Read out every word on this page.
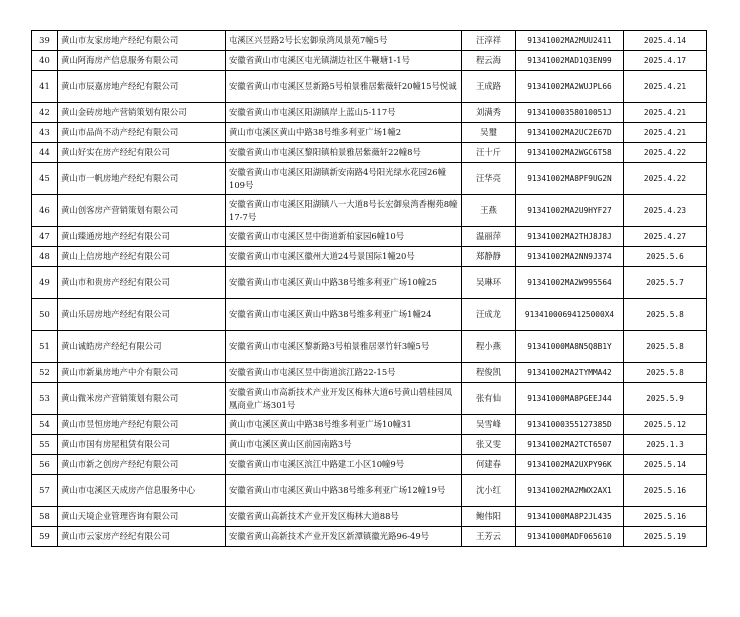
39	黄山市友家房地产经纪有限公司	屯溪区兴昱路2号长宏御泉湾凤景苑7幢5号	汪淳祥	91341002MA2MUU2411	2025.4.14
40	黄山阿海房产信息服务有限公司	安徽省黄山市屯溪区屯光镇湖边社区牛鞭塘1-1号	程云海	91341002MAD1Q3EN99	2025.4.17
41	黄山市辰嘉房地产经纪有限公司	安徽省黄山市屯溪区昱新路5号柏景雅居紫薇轩20幢15号悦诚	王成路	91341002MA2WUJPL66	2025.4.21
42	黄山金砖房地产营销策划有限公司	安徽省黄山市屯溪区阳湖镇岸上蓝山5-117号	刘满秀	91341000358010051J	2025.4.21
43	黄山市品尚不动产经纪有限公司	黄山市屯溪区黄山中路38号维多利亚广场1幢2	吴璽	91341002MA2UC2E67D	2025.4.21
44	黄山好实在房产经纪有限公司	安徽省黄山市屯溪区黎阳镇柏景雅居紫薇轩22幢8号	汪十斤	91341002MA2WGC6T58	2025.4.22
45	黄山市一帆房地产经纪有限公司	安徽省黄山市屯溪区阳湖镇新安南路4号阳光绿水花园26幢109号	汪华亮	91341002MA8PF9UG2N	2025.4.22
46	黄山创客房产营销策划有限公司	安徽省黄山市屯溪区阳湖镇八一大道8号长宏御泉湾香榭苑8幢17-7号	王燕	91341002MA2U9HYF27	2025.4.23
47	黄山臻通房地产经纪有限公司	安徽省黄山市屯溪区昱中街道新柏家园6幢10号	温丽萍	91341002MA2THJ8J8J	2025.4.27
48	黄山上信房地产经纪有限公司	安徽省黄山市屯溪区徽州大道24号景国际1幢20号	郑静静	91341002MA2NN9J374	2025.5.6
49	黄山市和贵房产经纪有限公司	安徽省黄山市屯溪区黄山中路38号维多利亚广场10幢25	吴琳环	91341002MA2W995564	2025.5.7
50	黄山乐居房地产经纪有限公司	安徽省黄山市屯溪区黄山中路38号维多利亚广场1幢24	汪成龙	91341000694125000X4	2025.5.8
51	黄山诚皓房产经纪有限公司	安徽省黄山市屯溪区黎新路3号柏景雅居翠竹轩3幢5号	程小燕	91341000MA8N5Q8B1Y	2025.5.8
52	黄山市新巢房地产中介有限公司	安徽省黄山市屯溪区昱中街道滨江路22-15号	程俊凯	91341002MA2TYMMA42	2025.5.8
53	黄山微米房产营销策划有限公司	安徽省黄山市高新技术产业开发区梅林大道6号黄山碧桂园凤凰商业广场301号	张有仙	91341000MA8PGEEJ44	2025.5.9
54	黄山市昱恒房地产经纪有限公司	黄山市屯溪区黄山中路38号维多利亚广场10幢31	吴雪峰	91341000355127385D	2025.5.12
55	黄山市国有房屋租赁有限公司	黄山市屯溪区黄山区前园南路3号	张又雯	91341002MA2TCT6507	2025.1.3
56	黄山市新之创房产经纪有限公司	安徽省黄山市屯溪区滨江中路建工小区10幢9号	何建春	91341002MA2UXPY96K	2025.5.14
57	黄山市屯溪区天成房产信息服务中心	安徽省黄山市屯溪区黄山中路38号维多利亚广场12幢19号	沈小红	91341002MA2MWX2AX1	2025.5.16
58	黄山天境企业管理咨询有限公司	安徽省黄山高新技术产业开发区梅林大道88号	鲍伟阳	91341000MA8P2JL435	2025.5.16
59	黄山市云家房产经纪有限公司	安徽省黄山高新技术产业开发区新潭镇徽光路96-49号	王芳云	91341000MADF065610	2025.5.19
